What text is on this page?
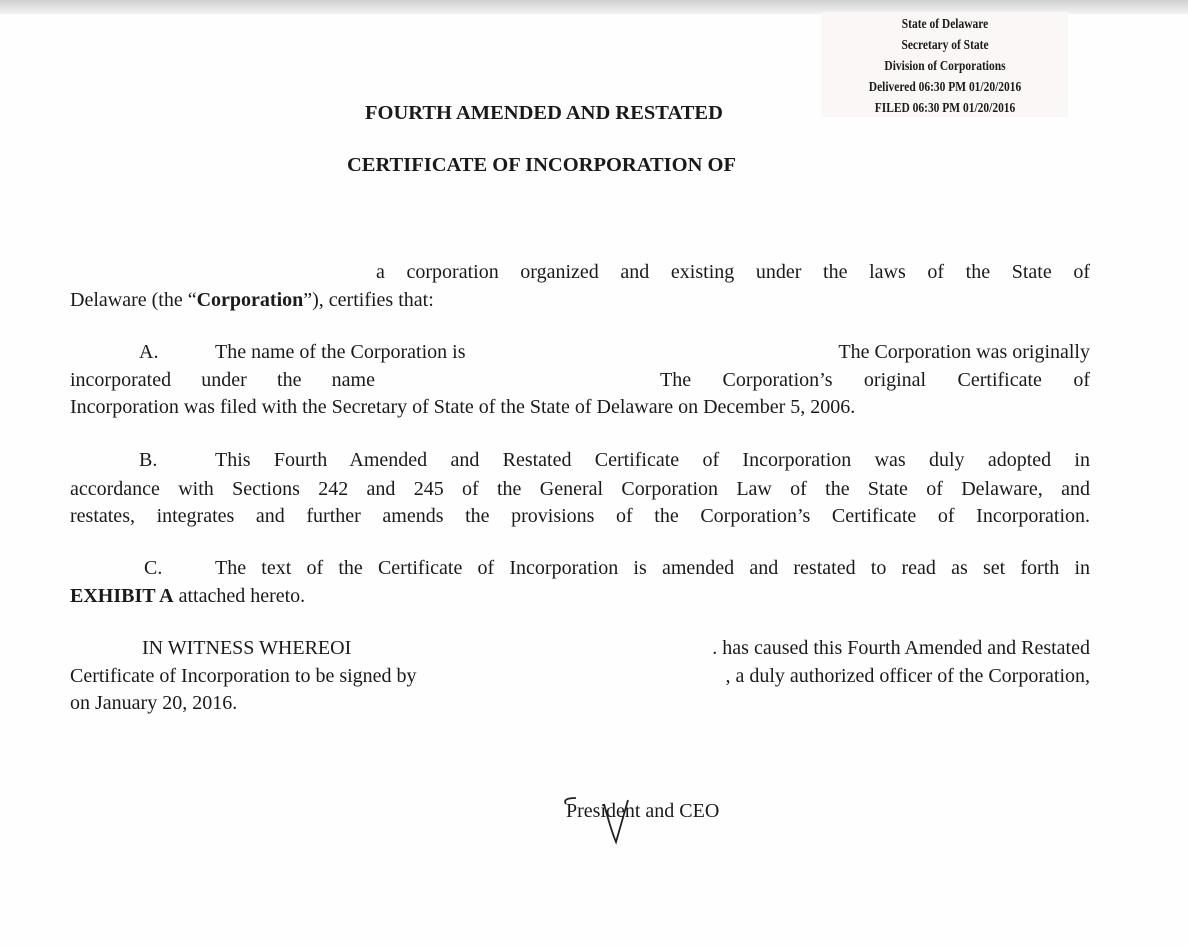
State of Delaware
Secretary of State
Division of Corporations
Delivered 06:30 PM 01/20/2016
FILED 06:30 PM 01/20/2016
FOURTH AMENDED AND RESTATED
CERTIFICATE OF INCORPORATION OF
a corporation organized and existing under the laws of the State of
Delaware (the “Corporation”), certifies that:
A.	The name of the Corporation is	The Corporation was originally
incorporated under the name	The Corporation’s original Certificate of
Incorporation was filed with the Secretary of State of the State of Delaware on December 5, 2006.
B.	This Fourth Amended and Restated Certificate of Incorporation was duly adopted in
accordance with Sections 242 and 245 of the General Corporation Law of the State of Delaware, and
restates, integrates and further amends the provisions of the Corporation’s Certificate of Incorporation.
C.	The text of the Certificate of Incorporation is amended and restated to read as set forth in
EXHIBIT A attached hereto.
IN WITNESS WHEREOI	. has caused this Fourth Amended and Restated
Certificate of Incorporation to be signed by	, a duly authorized officer of the Corporation,
on January 20, 2016.
President and CEO
